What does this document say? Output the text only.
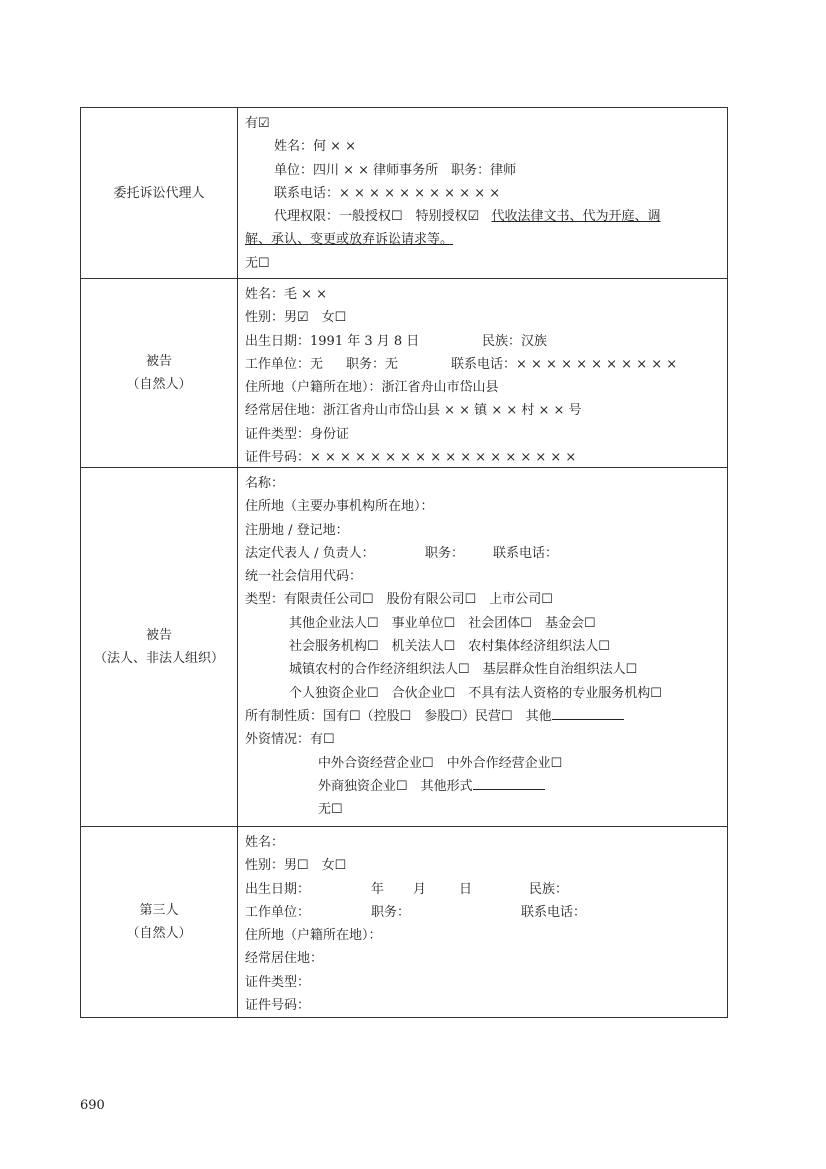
委托诉讼代理人
有☑
姓名：何 × ×
单位：四川 × × 律师事务所　职务：律师
联系电话：× × × × × × × × × × ×
代理权限：一般授权☐　特别授权☑ 代收法律文书、代为开庭、调
解、承认、变更或放弃诉讼请求等。
无☐
被告
（自然人）
姓名：毛 × ×
性别：男☑　女☐
出生日期：1991 年 3 月 8 日	民族：汉族
工作单位：无 职务：无	联系电话：× × × × × × × × × × ×
住所地（户籍所在地）：浙江省舟山市岱山县
经常居住地：浙江省舟山市岱山县 × × 镇 × × 村 × × 号
证件类型：身份证
证件号码：× × × × × × × × × × × × × × × × × ×
被告
（法人、非法人组织）
名称：
住所地（主要办事机构所在地）：
注册地 / 登记地：
法定代表人 / 负责人：	职务： 联系电话：
统一社会信用代码：
类型：有限责任公司☐　股份有限公司☐　上市公司☐
其他企业法人☐　事业单位☐　社会团体☐　基金会☐
社会服务机构☐　机关法人☐　农村集体经济组织法人☐
城镇农村的合作经济组织法人☐　基层群众性自治组织法人☐
个人独资企业☐　合伙企业☐　不具有法人资格的专业服务机构☐
所有制性质：国有☐（控股☐　参股☐）民营☐　其他
外资情况：有☐
中外合资经营企业☐　中外合作经营企业☐
外商独资企业☐　其他形式
无☐
第三人
（自然人）
姓名：
性别：男☐　女☐
出生日期：	年 月	日	民族：
工作单位：	职务：	联系电话：
住所地（户籍所在地）：
经常居住地：
证件类型：
证件号码：
690
